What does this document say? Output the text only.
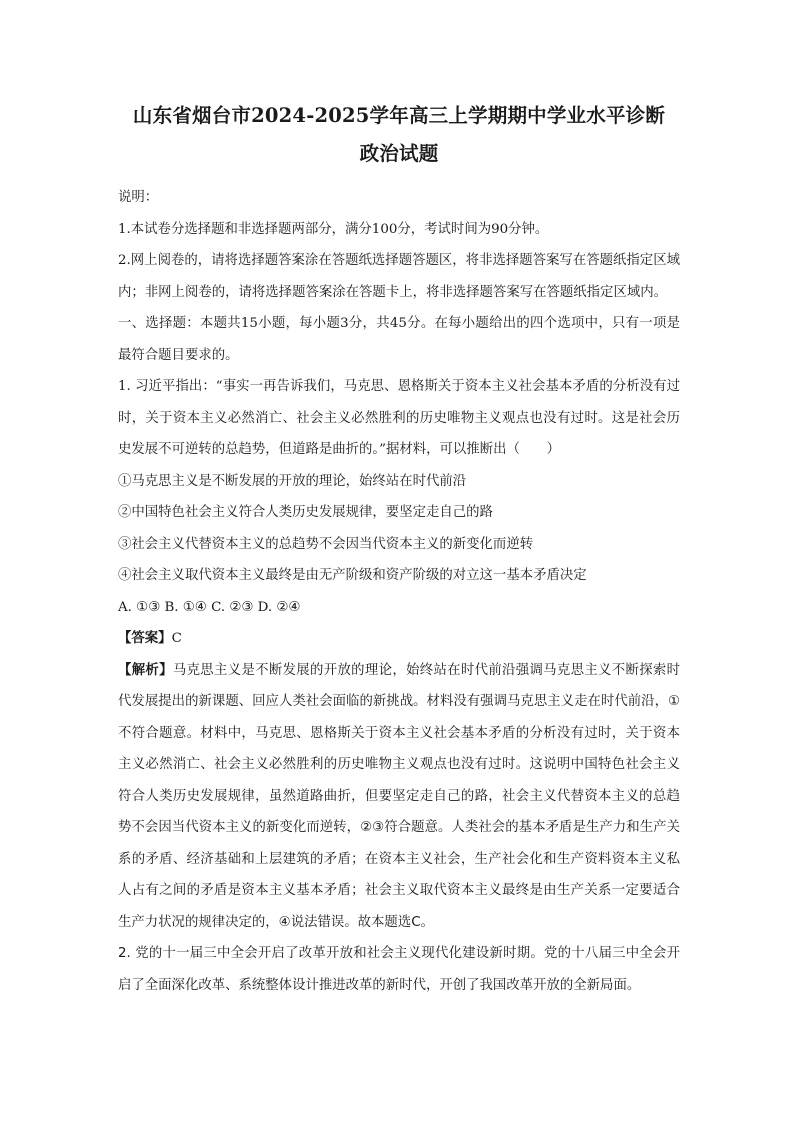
山东省烟台市2024-2025学年高三上学期期中学业水平诊断
政治试题

说明：

1.本试卷分选择题和非选择题两部分，满分100分，考试时间为90分钟。

2.网上阅卷的，请将选择题答案涂在答题纸选择题答题区，将非选择题答案写在答题纸指定区域内；非网上阅卷的，请将选择题答案涂在答题卡上，将非选择题答案写在答题纸指定区域内。

一、选择题：本题共15小题，每小题3分，共45分。在每小题给出的四个选项中，只有一项是最符合题目要求的。

1. 习近平指出：“事实一再告诉我们，马克思、恩格斯关于资本主义社会基本矛盾的分析没有过时，关于资本主义必然消亡、社会主义必然胜利的历史唯物主义观点也没有过时。这是社会历史发展不可逆转的总趋势，但道路是曲折的。”据材料，可以推断出（　　）

①马克思主义是不断发展的开放的理论，始终站在时代前沿

②中国特色社会主义符合人类历史发展规律，要坚定走自己的路

③社会主义代替资本主义的总趋势不会因当代资本主义的新变化而逆转

④社会主义取代资本主义最终是由无产阶级和资产阶级的对立这一基本矛盾决定

A. ①③ B. ①④ C. ②③ D. ②④

【答案】C

【解析】马克思主义是不断发展的开放的理论，始终站在时代前沿强调马克思主义不断探索时代发展提出的新课题、回应人类社会面临的新挑战。材料没有强调马克思主义走在时代前沿，①不符合题意。材料中，马克思、恩格斯关于资本主义社会基本矛盾的分析没有过时，关于资本主义必然消亡、社会主义必然胜利的历史唯物主义观点也没有过时。这说明中国特色社会主义符合人类历史发展规律，虽然道路曲折，但要坚定走自己的路，社会主义代替资本主义的总趋势不会因当代资本主义的新变化而逆转，②③符合题意。人类社会的基本矛盾是生产力和生产关系的矛盾、经济基础和上层建筑的矛盾；在资本主义社会，生产社会化和生产资料资本主义私人占有之间的矛盾是资本主义基本矛盾；社会主义取代资本主义最终是由生产关系一定要适合生产力状况的规律决定的，④说法错误。故本题选C。

2. 党的十一届三中全会开启了改革开放和社会主义现代化建设新时期。党的十八届三中全会开启了全面深化改革、系统整体设计推进改革的新时代，开创了我国改革开放的全新局面。
